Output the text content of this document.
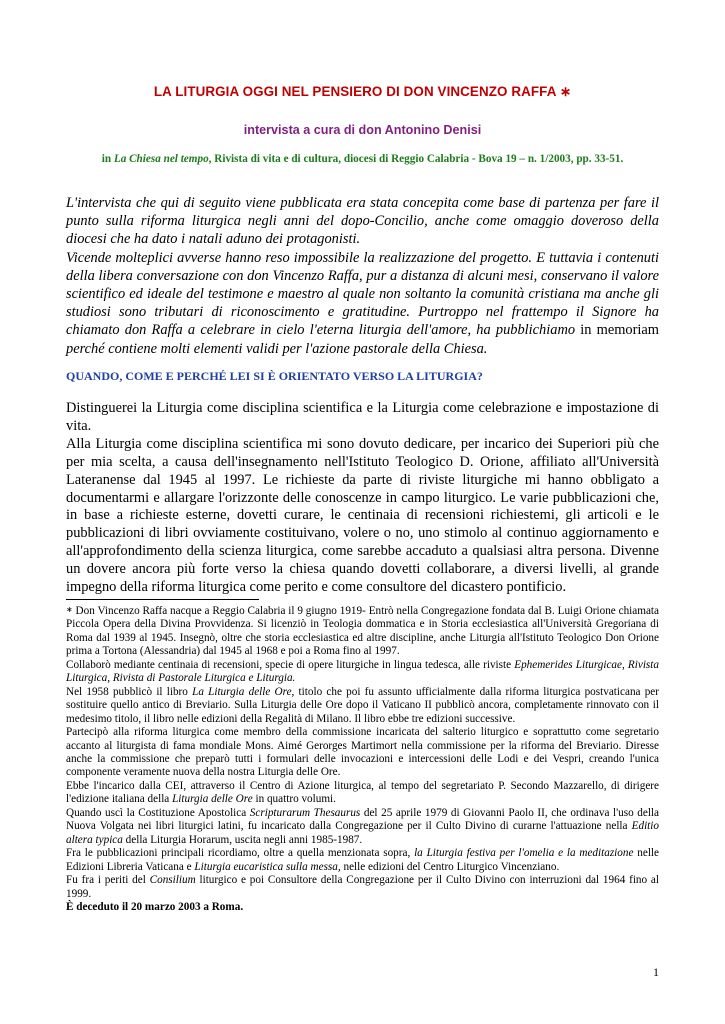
LA LITURGIA OGGI NEL PENSIERO DI DON VINCENZO RAFFA ∗
intervista a cura di don Antonino Denisi
in La Chiesa nel tempo, Rivista di vita e di cultura, diocesi di Reggio Calabria - Bova 19 – n. 1/2003, pp. 33-51.

L'intervista che qui di seguito viene pubblicata era stata concepita come base di partenza per fare il punto sulla riforma liturgica negli anni del dopo-Concilio, anche come omaggio doveroso della diocesi che ha dato i natali aduno dei protagonisti.

Vicende molteplici avverse hanno reso impossibile la realizzazione del progetto. E tuttavia i contenuti della libera conversazione con don Vincenzo Raffa, pur a distanza di alcuni mesi, conservano il valore scientifico ed ideale del testimone e maestro al quale non soltanto la comunità cristiana ma anche gli studiosi sono tributari di riconoscimento e gratitudine. Purtroppo nel frattempo il Signore ha chiamato don Raffa a celebrare in cielo l'eterna liturgia dell'amore, ha pubblichiamo in memoriam perché contiene molti elementi validi per l'azione pastorale della Chiesa.

QUANDO, COME E PERCHÉ LEI SI È ORIENTATO VERSO LA LITURGIA?

Distinguerei la Liturgia come disciplina scientifica e la Liturgia come celebrazione e impostazione di vita.

Alla Liturgia come disciplina scientifica mi sono dovuto dedicare, per incarico dei Superiori più che per mia scelta, a causa dell'insegnamento nell'Istituto Teologico D. Orione, affiliato all'Università Lateranense dal 1945 al 1997. Le richieste da parte di riviste liturgiche mi hanno obbligato a documentarmi e allargare l'orizzonte delle conoscenze in campo liturgico. Le varie pubblicazioni che, in base a richieste esterne, dovetti curare, le centinaia di recensioni richiestemi, gli articoli e le pubblicazioni di libri ovviamente costituivano, volere o no, uno stimolo al continuo aggiornamento e all'approfondimento della scienza liturgica, come sarebbe accaduto a qualsiasi altra persona. Divenne un dovere ancora più forte verso la chiesa quando dovetti collaborare, a diversi livelli, al grande impegno della riforma liturgica come perito e come consultore del dicastero pontificio.

∗ Don Vincenzo Raffa nacque a Reggio Calabria il 9 giugno 1919- Entrò nella Congregazione fondata dal B. Luigi Orione chiamata Piccola Opera della Divina Provvidenza. Si licenziò in Teologia dommatica e in Storia ecclesiastica all'Università Gregoriana di Roma dal 1939 al 1945. Insegnò, oltre che storia ecclesiastica ed altre discipline, anche Liturgia all'Istituto Teologico Don Orione prima a Tortona (Alessandria) dal 1945 al 1968 e poi a Roma fino al 1997.

Collaborò mediante centinaia di recensioni, specie di opere liturgiche in lingua tedesca, alle riviste Ephemerides Liturgicae, Rivista Liturgica, Rivista di Pastorale Liturgica e Liturgia.

Nel 1958 pubblicò il libro La Liturgia delle Ore, titolo che poi fu assunto ufficialmente dalla riforma liturgica postvaticana per sostituire quello antico di Breviario. Sulla Liturgia delle Ore dopo il Vaticano II pubblicò ancora, completamente rinnovato con il medesimo titolo, il libro nelle edizioni della Regalità di Milano. Il libro ebbe tre edizioni successive.

Partecipò alla riforma liturgica come membro della commissione incaricata del salterio liturgico e soprattutto come segretario accanto al liturgista di fama mondiale Mons. Aimé Gerorges Martimort nella commissione per la riforma del Breviario. Diresse anche la commissione che preparò tutti i formulari delle invocazioni e intercessioni delle Lodi e dei Vespri, creando l'unica componente veramente nuova della nostra Liturgia delle Ore.

Ebbe l'incarico dalla CEI, attraverso il Centro di Azione liturgica, al tempo del segretariato P. Secondo Mazzarello, di dirigere l'edizione italiana della Liturgia delle Ore in quattro volumi.

Quando uscì la Costituzione Apostolica Scripturarum Thesaurus del 25 aprile 1979 di Giovanni Paolo II, che ordinava l'uso della Nuova Volgata nei libri liturgici latini, fu incaricato dalla Congregazione per il Culto Divino di curarne l'attuazione nella Editio altera typica della Liturgia Horarum, uscita negli anni 1985-1987.

Fra le pubblicazioni principali ricordiamo, oltre a quella menzionata sopra, la Liturgia festiva per l'omelia e la meditazione nelle Edizioni Libreria Vaticana e Liturgia eucaristica sulla messa, nelle edizioni del Centro Liturgico Vincenziano.

Fu fra i periti del Consilium liturgico e poi Consultore della Congregazione per il Culto Divino con interruzioni dal 1964 fino al 1999.

È deceduto il 20 marzo 2003 a Roma.

1
